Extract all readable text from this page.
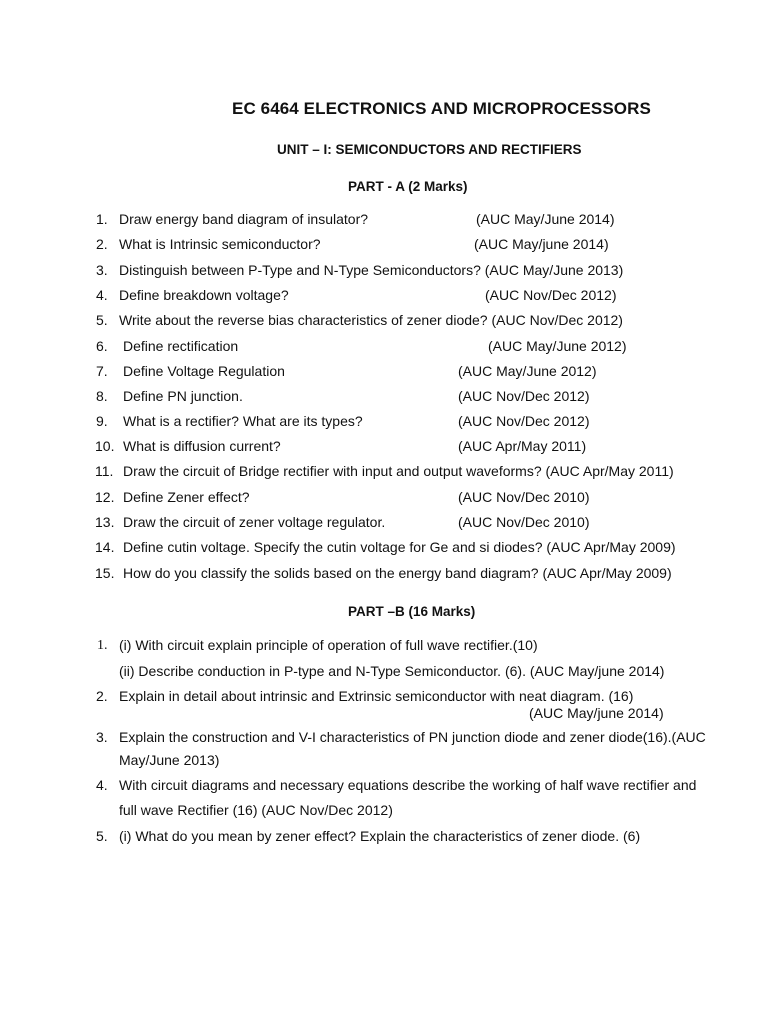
EC 6464 ELECTRONICS AND MICROPROCESSORS
UNIT – I: SEMICONDUCTORS AND RECTIFIERS
PART - A (2 Marks)
1. Draw energy band diagram of insulator?	(AUC May/June 2014)
2. What is Intrinsic semiconductor?	(AUC May/june 2014)
3. Distinguish between P-Type and N-Type Semiconductors? (AUC May/June 2013)
4. Define breakdown voltage?	(AUC Nov/Dec 2012)
5. Write about the reverse bias characteristics of zener diode? (AUC Nov/Dec 2012)
6. Define rectification	(AUC May/June 2012)
7. Define Voltage Regulation	(AUC May/June 2012)
8. Define PN junction.	(AUC Nov/Dec 2012)
9. What is a rectifier? What are its types?	(AUC Nov/Dec 2012)
10. What is diffusion current?	(AUC Apr/May 2011)
11. Draw the circuit of Bridge rectifier with input and output waveforms? (AUC Apr/May 2011)
12. Define Zener effect?	(AUC Nov/Dec 2010)
13. Draw the circuit of zener voltage regulator.	(AUC Nov/Dec 2010)
14. Define cutin voltage. Specify the cutin voltage for Ge and si diodes? (AUC Apr/May 2009)
15. How do you classify the solids based on the energy band diagram? (AUC Apr/May 2009)
PART –B (16 Marks)
1. (i) With circuit explain principle of operation of full wave rectifier.(10)
(ii) Describe conduction in P-type and N-Type Semiconductor. (6). (AUC May/june 2014)
2. Explain in detail about intrinsic and Extrinsic semiconductor with neat diagram. (16)
(AUC May/june 2014)
3. Explain the construction and V-I characteristics of PN junction diode and zener diode(16).(AUC
May/June 2013)
4. With circuit diagrams and necessary equations describe the working of half wave rectifier and
full wave Rectifier (16) (AUC Nov/Dec 2012)
5. (i) What do you mean by zener effect? Explain the characteristics of zener diode. (6)
